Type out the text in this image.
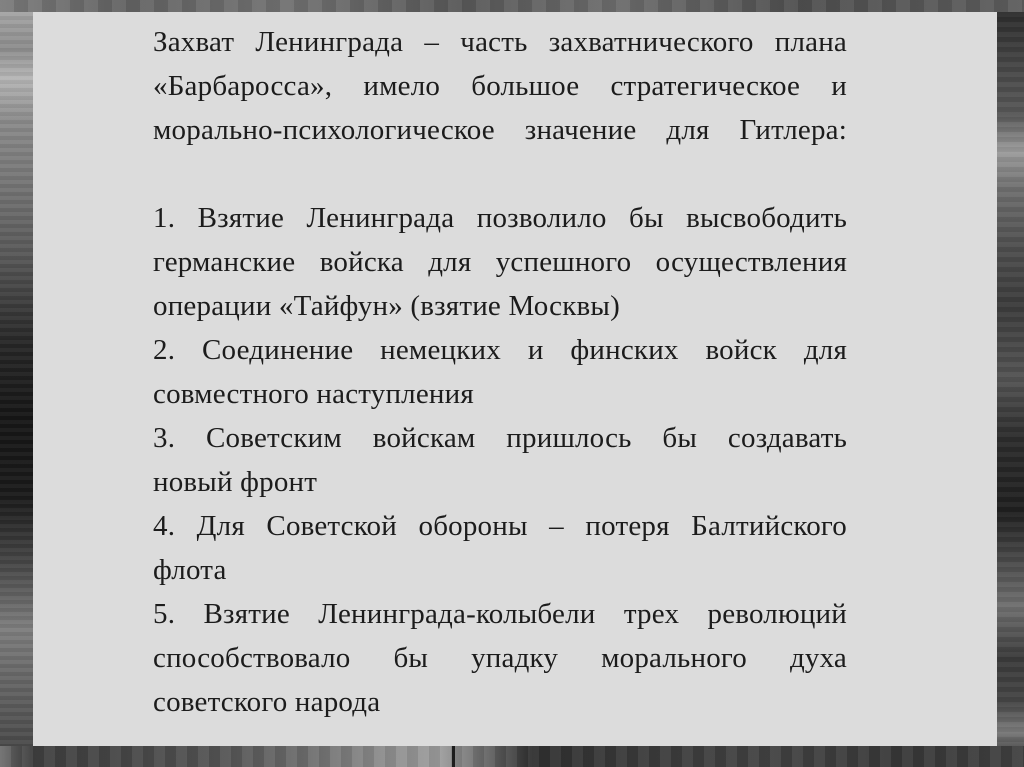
Захват Ленинграда – часть захватнического плана
«Барбаросса», имело большое стратегическое и
морально-психологическое значение для Гитлера:
1. Взятие Ленинграда позволило бы высвободить
германские войска для успешного осуществления
операции «Тайфун» (взятие Москвы)
2. Соединение немецких и финских войск для
совместного наступления
3. Советским войскам пришлось бы создавать
новый фронт
4. Для Советской обороны – потеря Балтийского
флота
5. Взятие Ленинграда-колыбели трех революций
способствовало бы упадку морального духа
советского народа
